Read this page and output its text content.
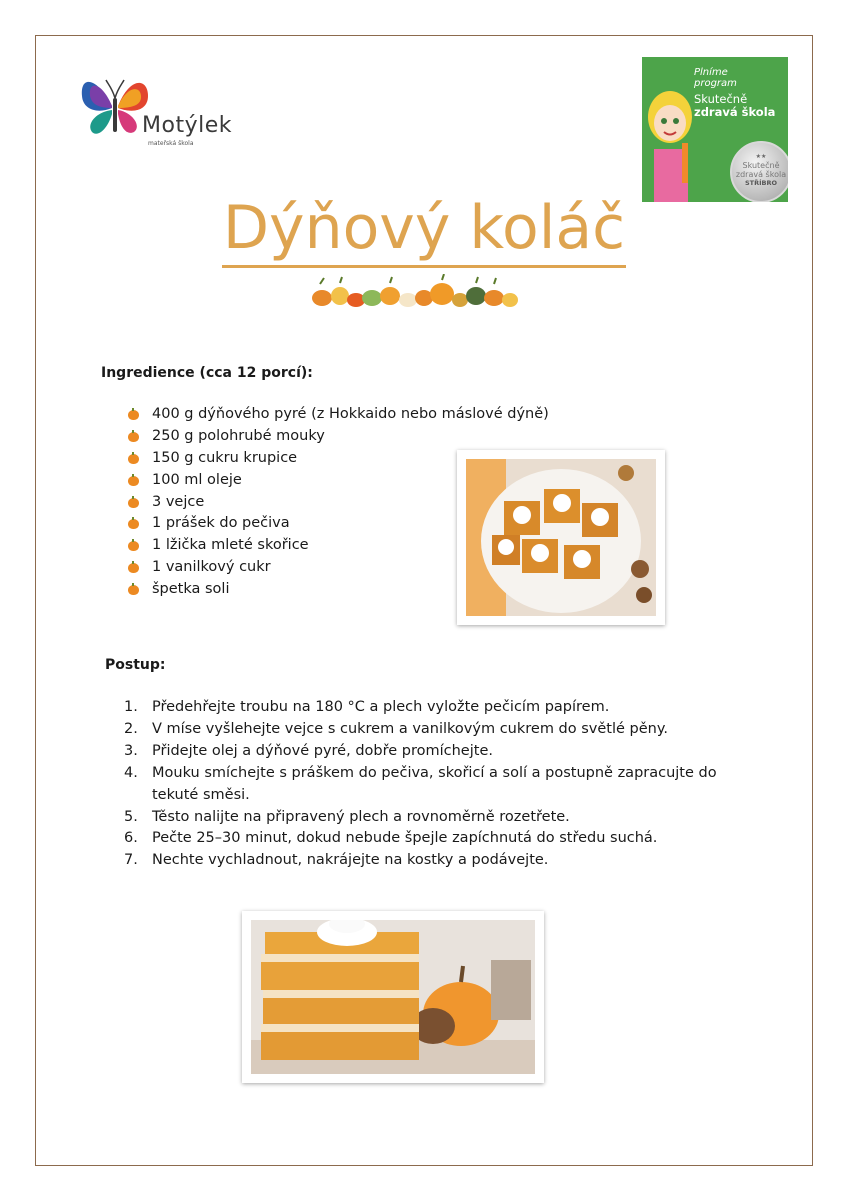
Motýlek
mateřská škola
Plníme
program
Skutečně
zdravá škola
★★
Skutečně
zdravá škola
STŘÍBRO
Dýňový koláč
Ingredience (cca 12 porcí):
400 g dýňového pyré (z Hokkaido nebo máslové dýně)
250 g polohrubé mouky
150 g cukru krupice
100 ml oleje
3 vejce
1 prášek do pečiva
1 lžička mleté skořice
1 vanilkový cukr
špetka soli
Postup:
1. Předehřejte troubu na 180 °C a plech vyložte pečicím papírem.
2. V míse vyšlehejte vejce s cukrem a vanilkovým cukrem do světlé pěny.
3. Přidejte olej a dýňové pyré, dobře promíchejte.
4. Mouku smíchejte s práškem do pečiva, skořicí a solí a postupně zapracujte do tekuté směsi.
5. Těsto nalijte na připravený plech a rovnoměrně rozetřete.
6. Pečte 25–30 minut, dokud nebude špejle zapíchnutá do středu suchá.
7. Nechte vychladnout, nakrájejte na kostky a podávejte.
